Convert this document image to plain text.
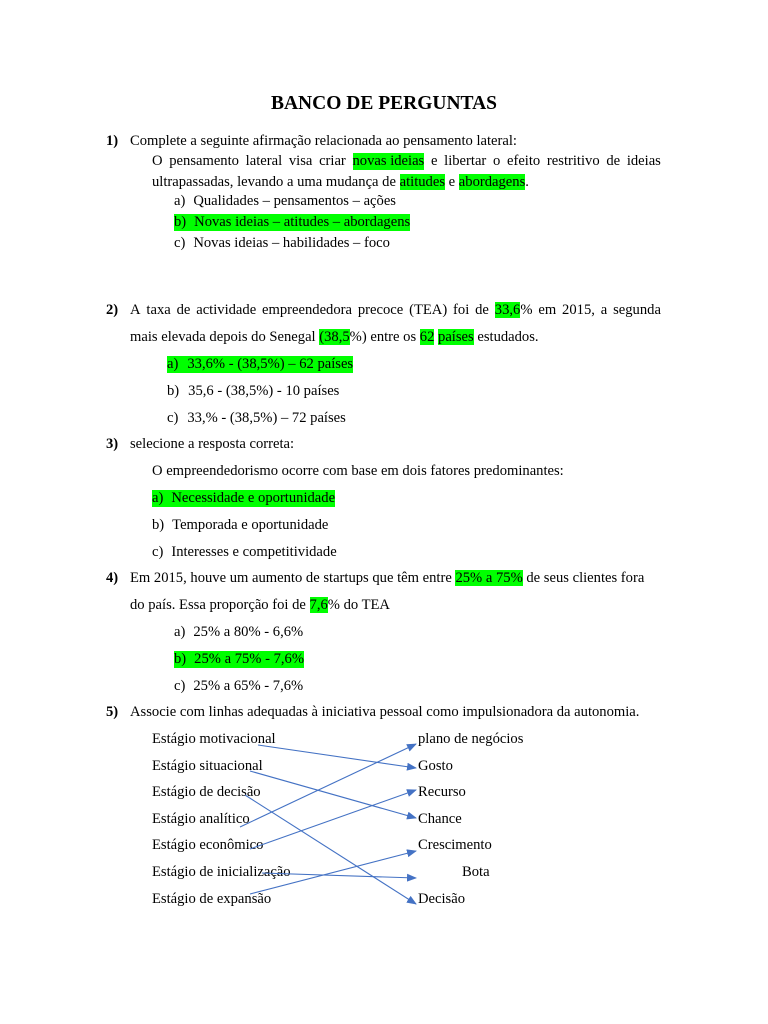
BANCO DE PERGUNTAS
1) Complete a seguinte afirmação relacionada ao pensamento lateral:
O pensamento lateral visa criar novas ideias e libertar o efeito restritivo de ideias
ultrapassadas, levando a uma mudança de atitudes e abordagens.
a) Qualidades – pensamentos – ações
b) Novas ideias – atitudes – abordagens
c) Novas ideias – habilidades – foco
2) A taxa de actividade empreendedora precoce (TEA) foi de 33,6% em 2015, a segunda
mais elevada depois do Senegal (38,5%) entre os 62 países estudados.
a) 33,6% - (38,5%) – 62 países
b) 35,6 - (38,5%) - 10 países
c) 33,% - (38,5%) – 72 países
3) selecione a resposta correta:
O empreendedorismo ocorre com base em dois fatores predominantes:
a) Necessidade e oportunidade
b) Temporada e oportunidade
c) Interesses e competitividade
4) Em 2015, houve um aumento de startups que têm entre 25% a 75% de seus clientes fora
do país. Essa proporção foi de 7,6% do TEA
a) 25% a 80% - 6,6%
b) 25% a 75% - 7,6%
c) 25% a 65% - 7,6%
5) Associe com linhas adequadas à iniciativa pessoal como impulsionadora da autonomia.
Estágio motivacional
Estágio situacional
Estágio de decisão
Estágio analítico
Estágio econômico
Estágio de inicialização
Estágio de expansão
plano de negócios
Gosto
Recurso
Chance
Crescimento
Bota
Decisão
